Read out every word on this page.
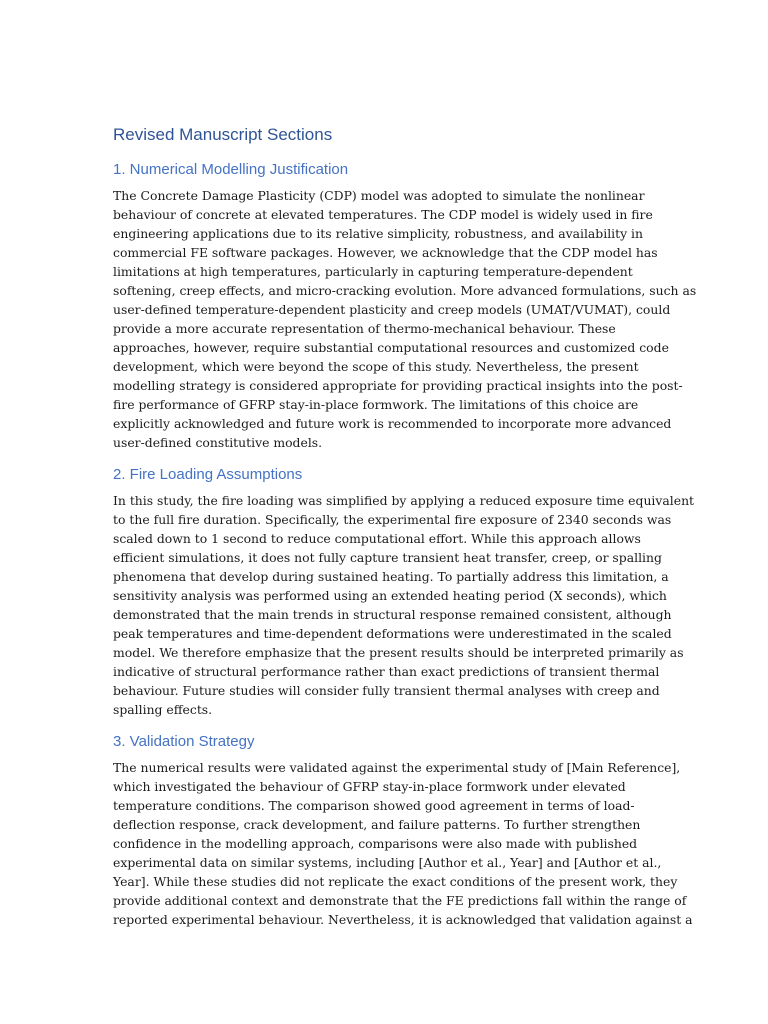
Revised Manuscript Sections
1. Numerical Modelling Justification

The Concrete Damage Plasticity (CDP) model was adopted to simulate the nonlinear
behaviour of concrete at elevated temperatures. The CDP model is widely used in fire
engineering applications due to its relative simplicity, robustness, and availability in
commercial FE software packages. However, we acknowledge that the CDP model has
limitations at high temperatures, particularly in capturing temperature-dependent
softening, creep effects, and micro-cracking evolution. More advanced formulations, such as
user-defined temperature-dependent plasticity and creep models (UMAT/VUMAT), could
provide a more accurate representation of thermo-mechanical behaviour. These
approaches, however, require substantial computational resources and customized code
development, which were beyond the scope of this study. Nevertheless, the present
modelling strategy is considered appropriate for providing practical insights into the post-
fire performance of GFRP stay-in-place formwork. The limitations of this choice are
explicitly acknowledged and future work is recommended to incorporate more advanced
user-defined constitutive models.

2. Fire Loading Assumptions

In this study, the fire loading was simplified by applying a reduced exposure time equivalent
to the full fire duration. Specifically, the experimental fire exposure of 2340 seconds was
scaled down to 1 second to reduce computational effort. While this approach allows
efficient simulations, it does not fully capture transient heat transfer, creep, or spalling
phenomena that develop during sustained heating. To partially address this limitation, a
sensitivity analysis was performed using an extended heating period (X seconds), which
demonstrated that the main trends in structural response remained consistent, although
peak temperatures and time-dependent deformations were underestimated in the scaled
model. We therefore emphasize that the present results should be interpreted primarily as
indicative of structural performance rather than exact predictions of transient thermal
behaviour. Future studies will consider fully transient thermal analyses with creep and
spalling effects.

3. Validation Strategy

The numerical results were validated against the experimental study of [Main Reference],
which investigated the behaviour of GFRP stay-in-place formwork under elevated
temperature conditions. The comparison showed good agreement in terms of load-
deflection response, crack development, and failure patterns. To further strengthen
confidence in the modelling approach, comparisons were also made with published
experimental data on similar systems, including [Author et al., Year] and [Author et al.,
Year]. While these studies did not replicate the exact conditions of the present work, they
provide additional context and demonstrate that the FE predictions fall within the range of
reported experimental behaviour. Nevertheless, it is acknowledged that validation against a
